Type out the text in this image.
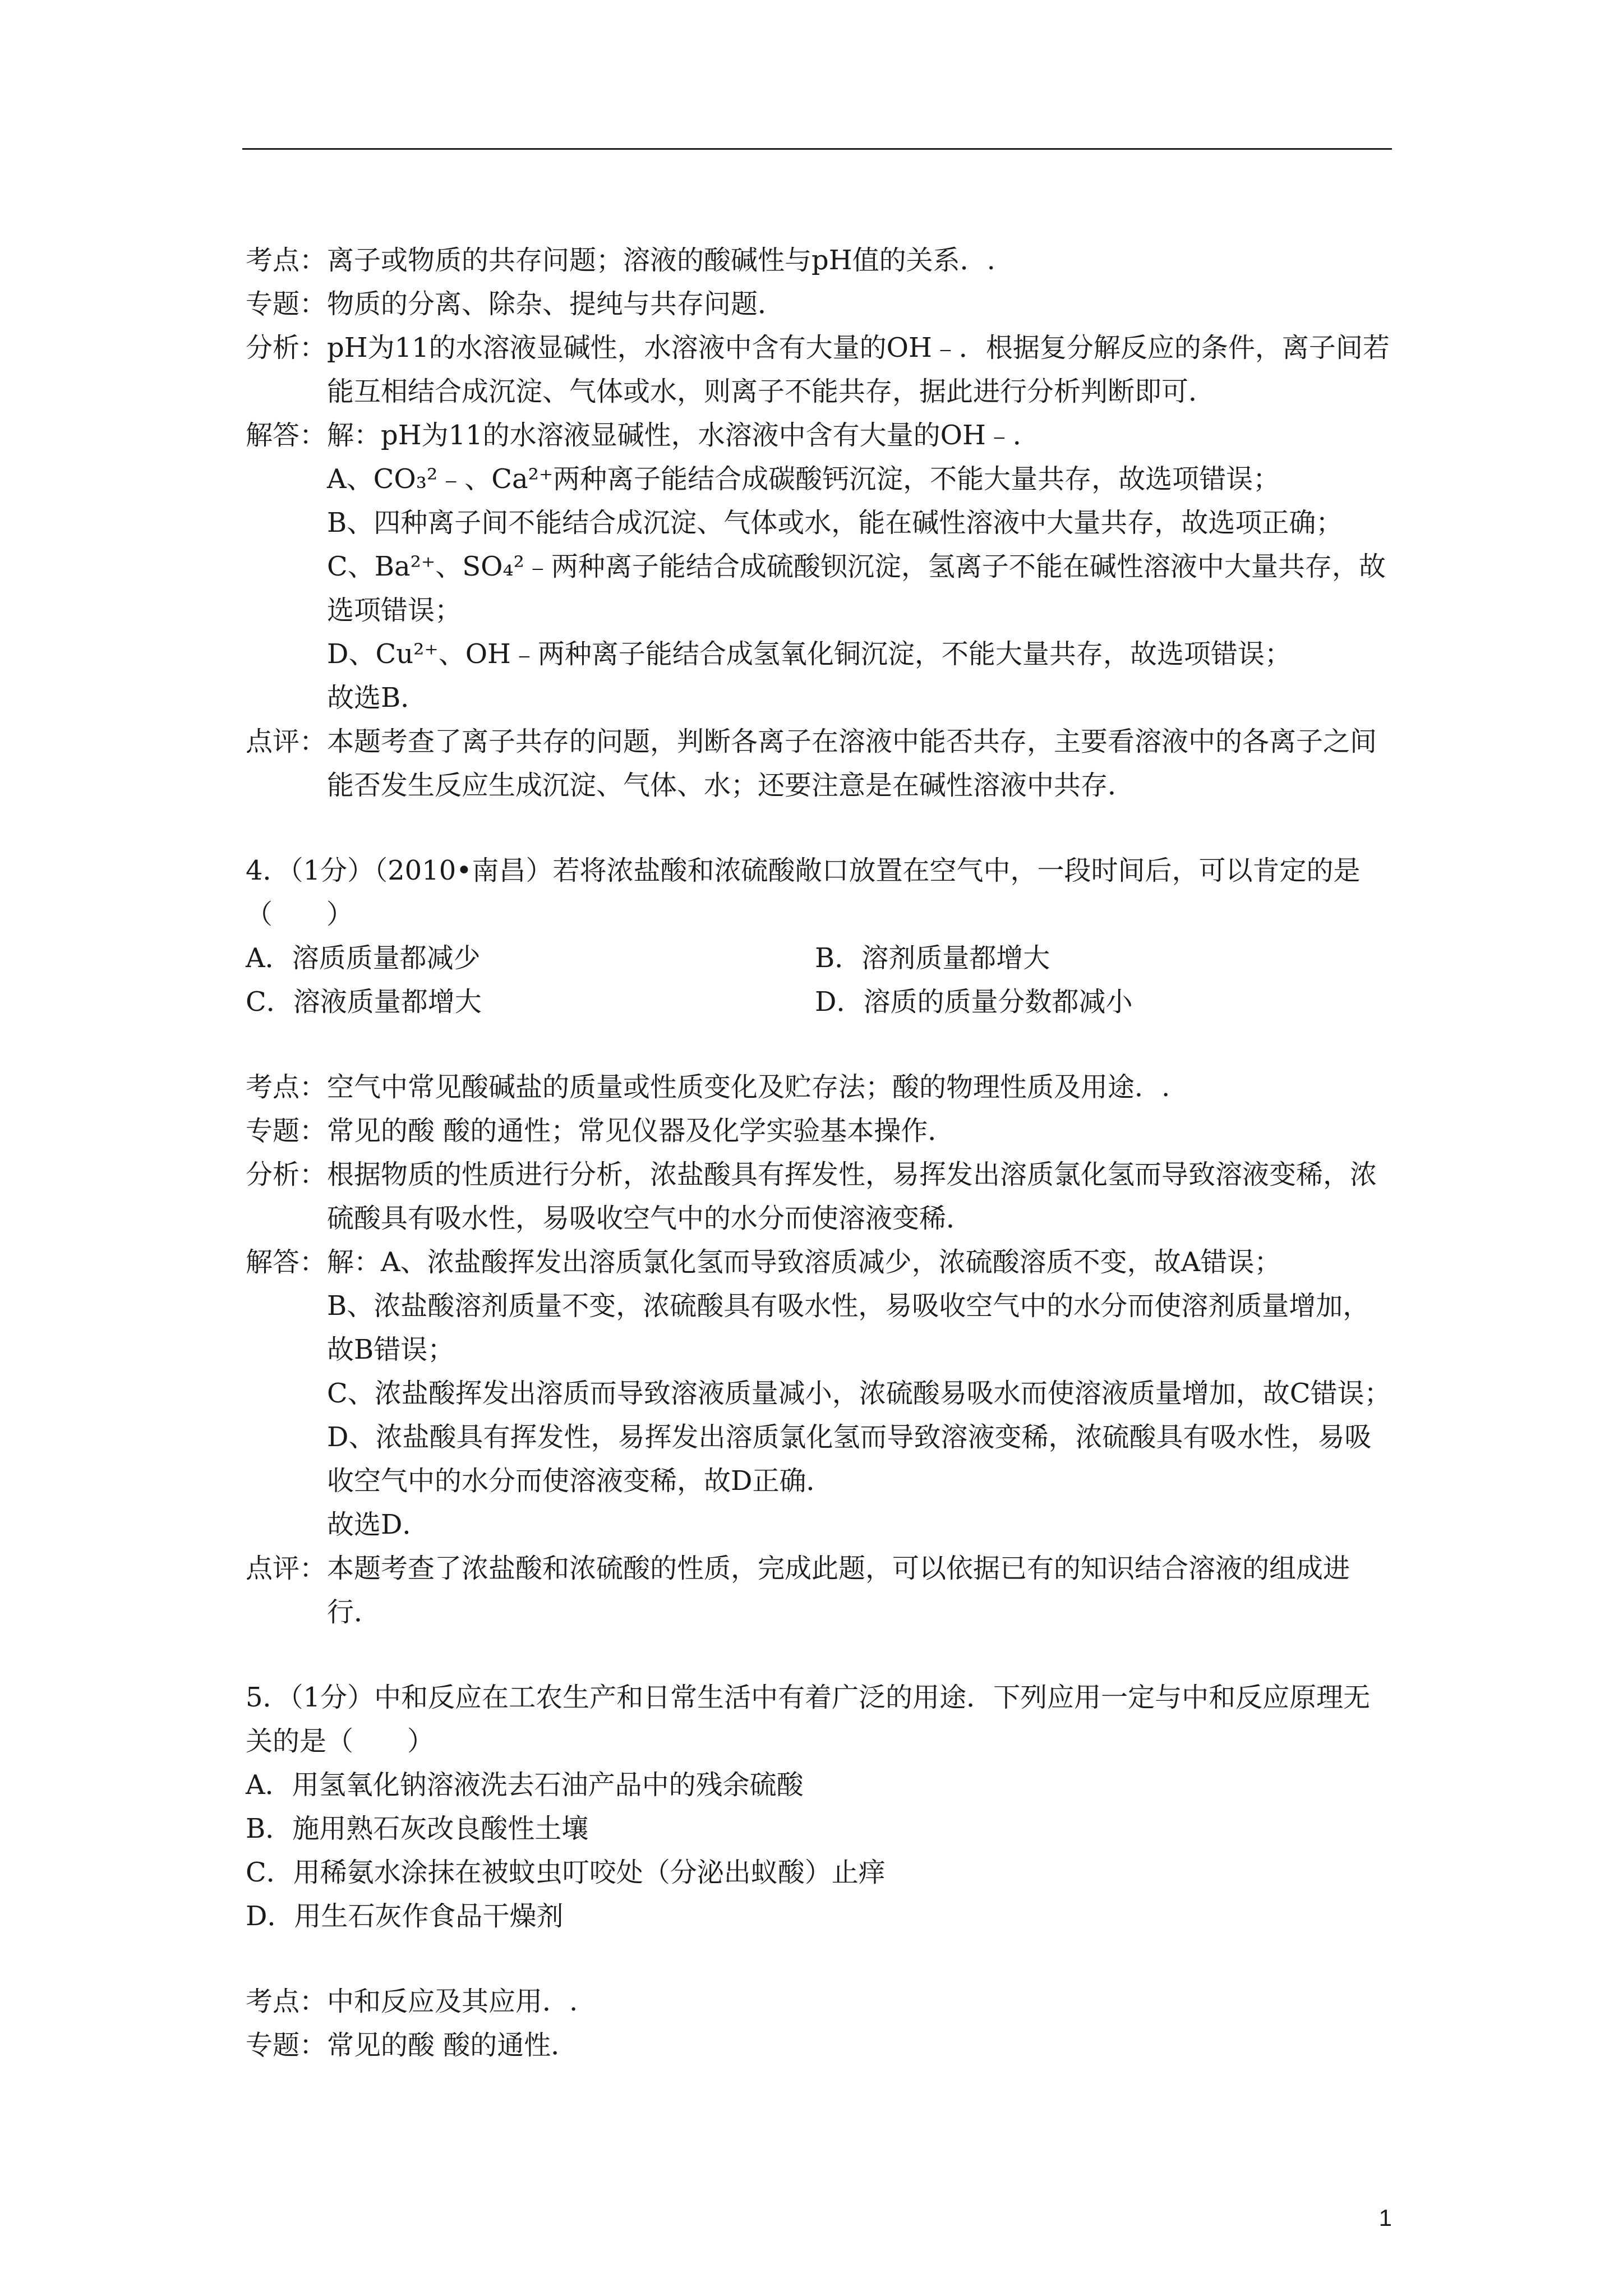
考点： 离子或物质的共存问题；溶液的酸碱性与pH值的关系．.
专题： 物质的分离、除杂、提纯与共存问题．
分析： pH为11的水溶液显碱性，水溶液中含有大量的OH﹣．根据复分解反应的条件，离子间若能互相结合成沉淀、气体或水，则离子不能共存，据此进行分析判断即可．
解答： 解：pH为11的水溶液显碱性，水溶液中含有大量的OH﹣．
A、CO₃²﹣、Ca²⁺两种离子能结合成碳酸钙沉淀，不能大量共存，故选项错误；
B、四种离子间不能结合成沉淀、气体或水，能在碱性溶液中大量共存，故选项正确；
C、Ba²⁺、SO₄²﹣两种离子能结合成硫酸钡沉淀，氢离子不能在碱性溶液中大量共存，故选项错误；
D、Cu²⁺、OH﹣两种离子能结合成氢氧化铜沉淀，不能大量共存，故选项错误；
故选B．
点评： 本题考查了离子共存的问题，判断各离子在溶液中能否共存，主要看溶液中的各离子之间能否发生反应生成沉淀、气体、水；还要注意是在碱性溶液中共存．
4．（1分）（2010•南昌）若将浓盐酸和浓硫酸敞口放置在空气中，一段时间后，可以肯定的是（　　）
A．溶质质量都减少	B．溶剂质量都增大
C．溶液质量都增大	D．溶质的质量分数都减小
考点： 空气中常见酸碱盐的质量或性质变化及贮存法；酸的物理性质及用途．.
专题： 常见的酸 酸的通性；常见仪器及化学实验基本操作．
分析： 根据物质的性质进行分析，浓盐酸具有挥发性，易挥发出溶质氯化氢而导致溶液变稀，浓硫酸具有吸水性，易吸收空气中的水分而使溶液变稀．
解答： 解：A、浓盐酸挥发出溶质氯化氢而导致溶质减少，浓硫酸溶质不变，故A错误；
B、浓盐酸溶剂质量不变，浓硫酸具有吸水性，易吸收空气中的水分而使溶剂质量增加，故B错误；
C、浓盐酸挥发出溶质而导致溶液质量减小，浓硫酸易吸水而使溶液质量增加，故C错误；
D、浓盐酸具有挥发性，易挥发出溶质氯化氢而导致溶液变稀，浓硫酸具有吸水性，易吸收空气中的水分而使溶液变稀，故D正确．
故选D．
点评： 本题考查了浓盐酸和浓硫酸的性质，完成此题，可以依据已有的知识结合溶液的组成进行．
5．（1分）中和反应在工农生产和日常生活中有着广泛的用途．下列应用一定与中和反应原理无关的是（　　）
A．用氢氧化钠溶液洗去石油产品中的残余硫酸
B．施用熟石灰改良酸性土壤
C．用稀氨水涂抹在被蚊虫叮咬处（分泌出蚁酸）止痒
D．用生石灰作食品干燥剂
考点： 中和反应及其应用．.
专题： 常见的酸 酸的通性．
1
